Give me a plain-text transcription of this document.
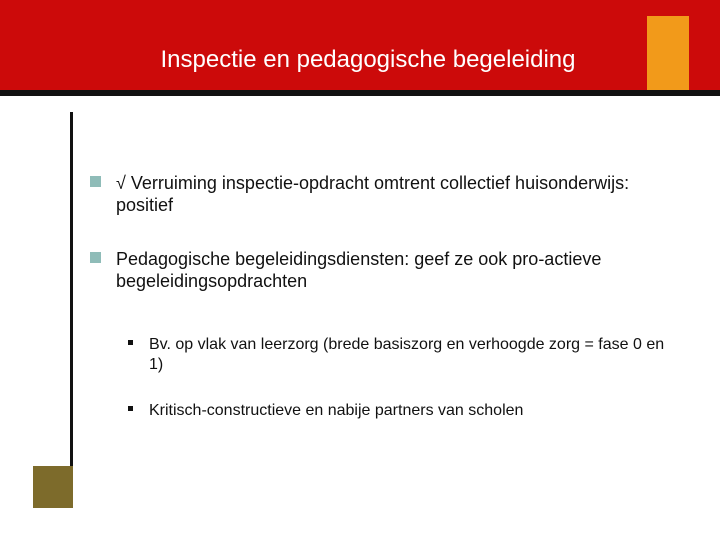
Inspectie en pedagogische begeleiding
√ Verruiming inspectie-opdracht omtrent collectief huisonderwijs: positief
Pedagogische begeleidingsdiensten: geef ze ook pro-actieve begeleidingsopdrachten
Bv. op vlak van leerzorg (brede basiszorg en verhoogde zorg = fase 0 en 1)
Kritisch-constructieve en nabije partners van scholen
